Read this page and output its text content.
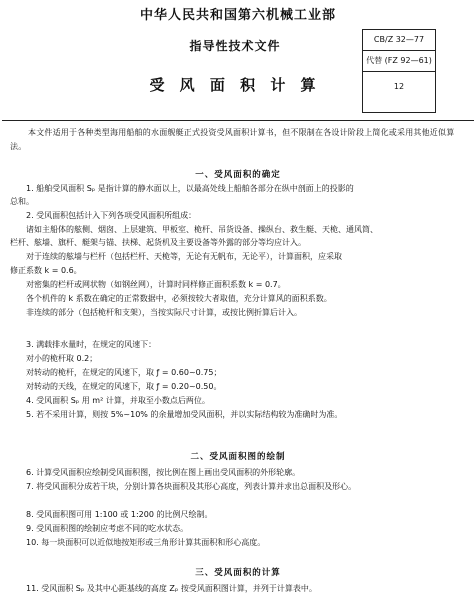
中华人民共和国第六机械工业部
指导性技术文件	CB/Z 32—77
代替 (FZ 92—61)
12
受 风 面 积 计 算
本文件适用于各种类型海用船舶的水面舰艇正式投资受风面积计算书，但不限制在各设计阶段上简化或采用其他近似算法。
一、受风面积的确定
1. 船舶受风面积 Sₚ 是指计算的静水面以上，以最高处线上船舶各部分在纵中剖面上的投影的
总和。
2. 受风面积包括计入下列各项受风面积所组成：
诸如主船体的舷侧、烟囱、上层建筑、甲板室、桅杆、吊货设备、操纵台、救生艇、天桅、通风筒、
栏杆、舷墙、旗杆、艇架与锚、扶梯、起货机及主要设备等外露的部分等均应计入。
对于连续的舷墙与栏杆（包括栏杆、天桅等，无论有无帆布，无论平），计算面积，应采取
修正系数 k = 0.6。
对密集的栏杆或网状物（如钢丝网），计算时同样修正面积系数 k = 0.7。
各个机件的 k 系数在确定的正常数据中，必须按较大者取值，充分计算风的面积系数。
非连续的部分（包括桅杆和支架），当按实际尺寸计算，或按比例折算后计入。
3. 满载排水量时，在规定的风速下：
对小的桅杆取 0.2；
对转动的桅杆，在规定的风速下，取 ƒ = 0.60~0.75；
对转动的天线，在规定的风速下，取 ƒ = 0.20~0.50。
4. 受风面积 Sₚ 用 m² 计算，并取至小数点后两位。
5. 若不采用计算，则按 5%~10% 的余量增加受风面积，并以实际结构较为准确时为准。
二、受风面积图的绘制
6. 计算受风面积应绘制受风面积图，按比例在图上画出受风面积的外形轮廓。
7. 将受风面积分成若干块，分别计算各块面积及其形心高度，列表计算并求出总面积及形心。
8. 受风面积图可用 1:100 或 1:200 的比例尺绘制。
9. 受风面积图的绘制应考虑不同的吃水状态。
10. 每一块面积可以近似地按矩形或三角形计算其面积和形心高度。
三、受风面积的计算
11. 受风面积 Sₚ 及其中心距基线的高度 Zₚ 按受风面积图计算，并列于计算表中。
